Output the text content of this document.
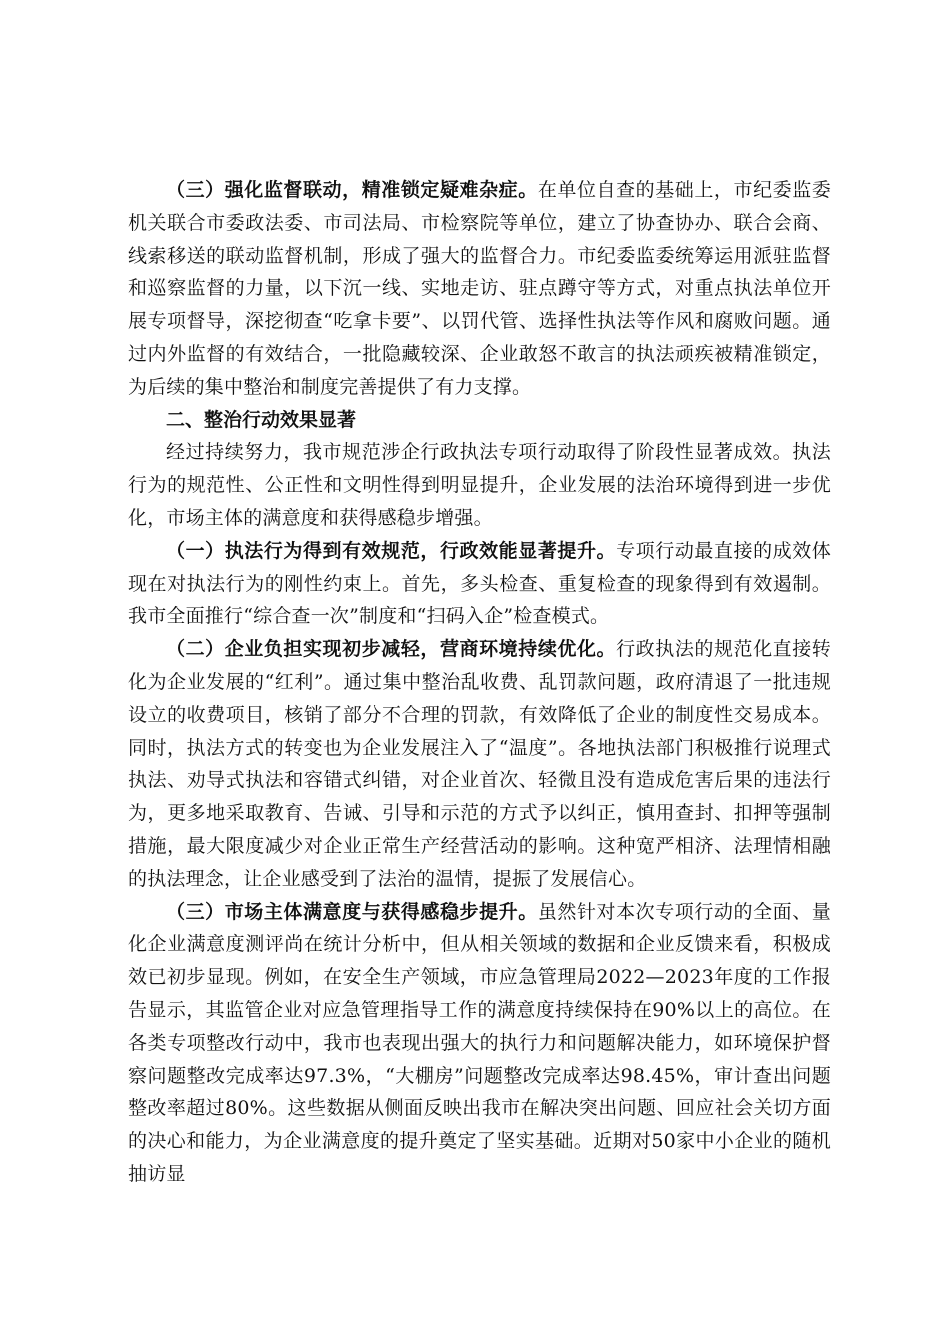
（三）强化监督联动，精准锁定疑难杂症。在单位自查的基础上，市纪委监委机关联合市委政法委、市司法局、市检察院等单位，建立了协查协办、联合会商、线索移送的联动监督机制，形成了强大的监督合力。市纪委监委统筹运用派驻监督和巡察监督的力量，以下沉一线、实地走访、驻点蹲守等方式，对重点执法单位开展专项督导，深挖彻查“吃拿卡要”、以罚代管、选择性执法等作风和腐败问题。通过内外监督的有效结合，一批隐藏较深、企业敢怒不敢言的执法顽疾被精准锁定，为后续的集中整治和制度完善提供了有力支撑。

二、整治行动效果显著

经过持续努力，我市规范涉企行政执法专项行动取得了阶段性显著成效。执法行为的规范性、公正性和文明性得到明显提升，企业发展的法治环境得到进一步优化，市场主体的满意度和获得感稳步增强。

（一）执法行为得到有效规范，行政效能显著提升。专项行动最直接的成效体现在对执法行为的刚性约束上。首先，多头检查、重复检查的现象得到有效遏制。我市全面推行“综合查一次”制度和“扫码入企”检查模式。

（二）企业负担实现初步减轻，营商环境持续优化。行政执法的规范化直接转化为企业发展的“红利”。通过集中整治乱收费、乱罚款问题，政府清退了一批违规设立的收费项目，核销了部分不合理的罚款，有效降低了企业的制度性交易成本。同时，执法方式的转变也为企业发展注入了“温度”。各地执法部门积极推行说理式执法、劝导式执法和容错式纠错，对企业首次、轻微且没有造成危害后果的违法行为，更多地采取教育、告诫、引导和示范的方式予以纠正，慎用查封、扣押等强制措施，最大限度减少对企业正常生产经营活动的影响。这种宽严相济、法理情相融的执法理念，让企业感受到了法治的温情，提振了发展信心。

（三）市场主体满意度与获得感稳步提升。虽然针对本次专项行动的全面、量化企业满意度测评尚在统计分析中，但从相关领域的数据和企业反馈来看，积极成效已初步显现。例如，在安全生产领域，市应急管理局2022—2023年度的工作报告显示，其监管企业对应急管理指导工作的满意度持续保持在90%以上的高位。在各类专项整改行动中，我市也表现出强大的执行力和问题解决能力，如环境保护督察问题整改完成率达97.3%，“大棚房”问题整改完成率达98.45%，审计查出问题整改率超过80%。这些数据从侧面反映出我市在解决突出问题、回应社会关切方面的决心和能力，为企业满意度的提升奠定了坚实基础。近期对50家中小企业的随机抽访显
